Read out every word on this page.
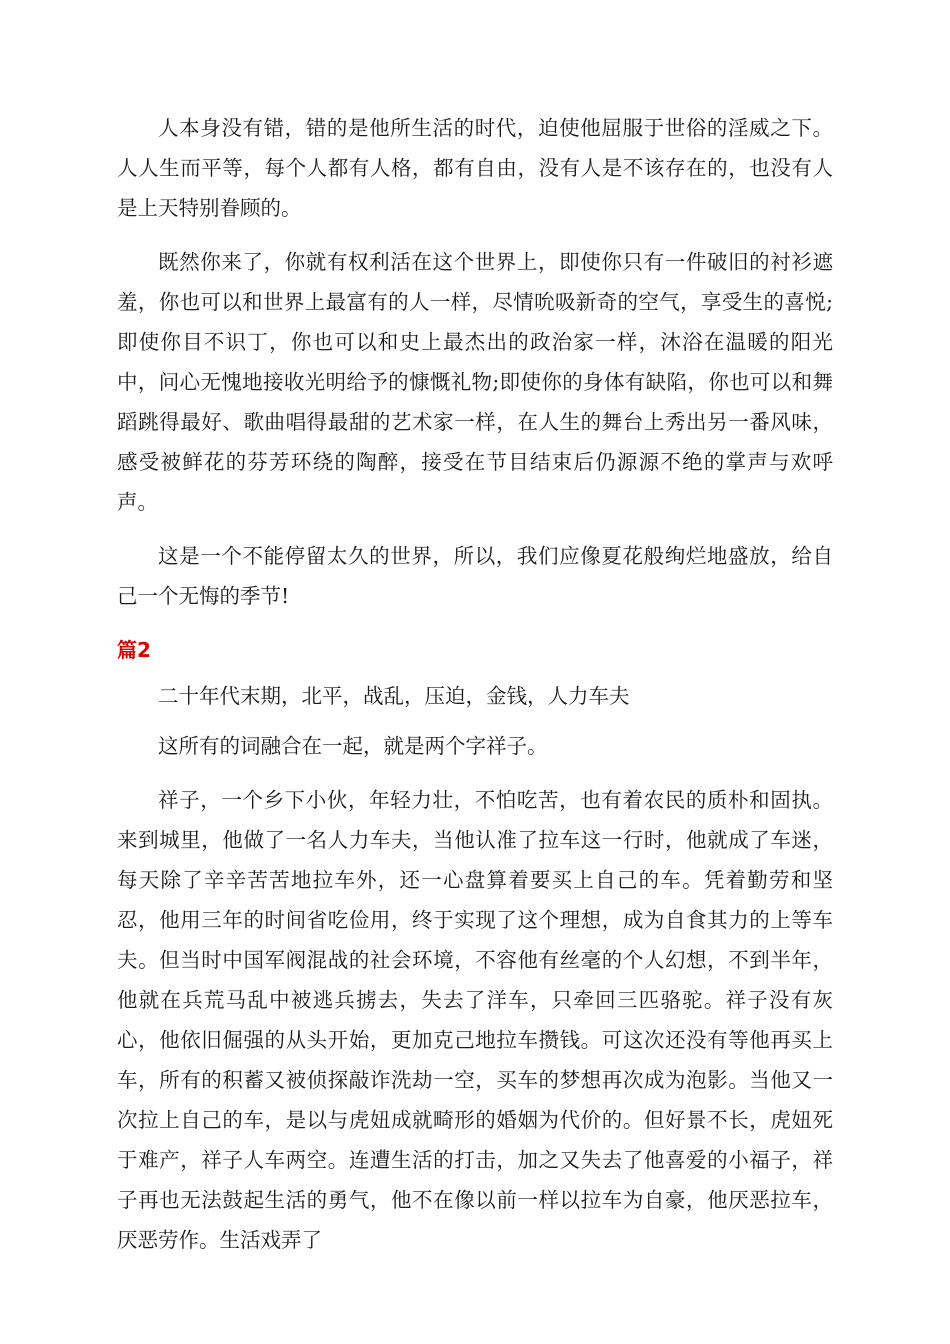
人本身没有错，错的是他所生活的时代，迫使他屈服于世俗的淫威之下。人人生而平等，每个人都有人格，都有自由，没有人是不该存在的，也没有人是上天特别眷顾的。

既然你来了，你就有权利活在这个世界上，即使你只有一件破旧的衬衫遮羞，你也可以和世界上最富有的人一样，尽情吮吸新奇的空气，享受生的喜悦;即使你目不识丁，你也可以和史上最杰出的政治家一样，沐浴在温暖的阳光中，问心无愧地接收光明给予的慷慨礼物;即使你的身体有缺陷，你也可以和舞蹈跳得最好、歌曲唱得最甜的艺术家一样，在人生的舞台上秀出另一番风味，感受被鲜花的芬芳环绕的陶醉，接受在节目结束后仍源源不绝的掌声与欢呼声。

这是一个不能停留太久的世界，所以，我们应像夏花般绚烂地盛放，给自己一个无悔的季节!

篇2

二十年代末期，北平，战乱，压迫，金钱，人力车夫

这所有的词融合在一起，就是两个字祥子。

祥子，一个乡下小伙，年轻力壮，不怕吃苦，也有着农民的质朴和固执。来到城里，他做了一名人力车夫，当他认准了拉车这一行时，他就成了车迷，每天除了辛辛苦苦地拉车外，还一心盘算着要买上自己的车。凭着勤劳和坚忍，他用三年的时间省吃俭用，终于实现了这个理想，成为自食其力的上等车夫。但当时中国军阀混战的社会环境，不容他有丝毫的个人幻想，不到半年，他就在兵荒马乱中被逃兵掳去，失去了洋车，只牵回三匹骆驼。祥子没有灰心，他依旧倔强的从头开始，更加克己地拉车攒钱。可这次还没有等他再买上车，所有的积蓄又被侦探敲诈洗劫一空，买车的梦想再次成为泡影。当他又一次拉上自己的车，是以与虎妞成就畸形的婚姻为代价的。但好景不长，虎妞死于难产，祥子人车两空。连遭生活的打击，加之又失去了他喜爱的小福子，祥子再也无法鼓起生活的勇气，他不在像以前一样以拉车为自豪，他厌恶拉车，厌恶劳作。生活戏弄了
